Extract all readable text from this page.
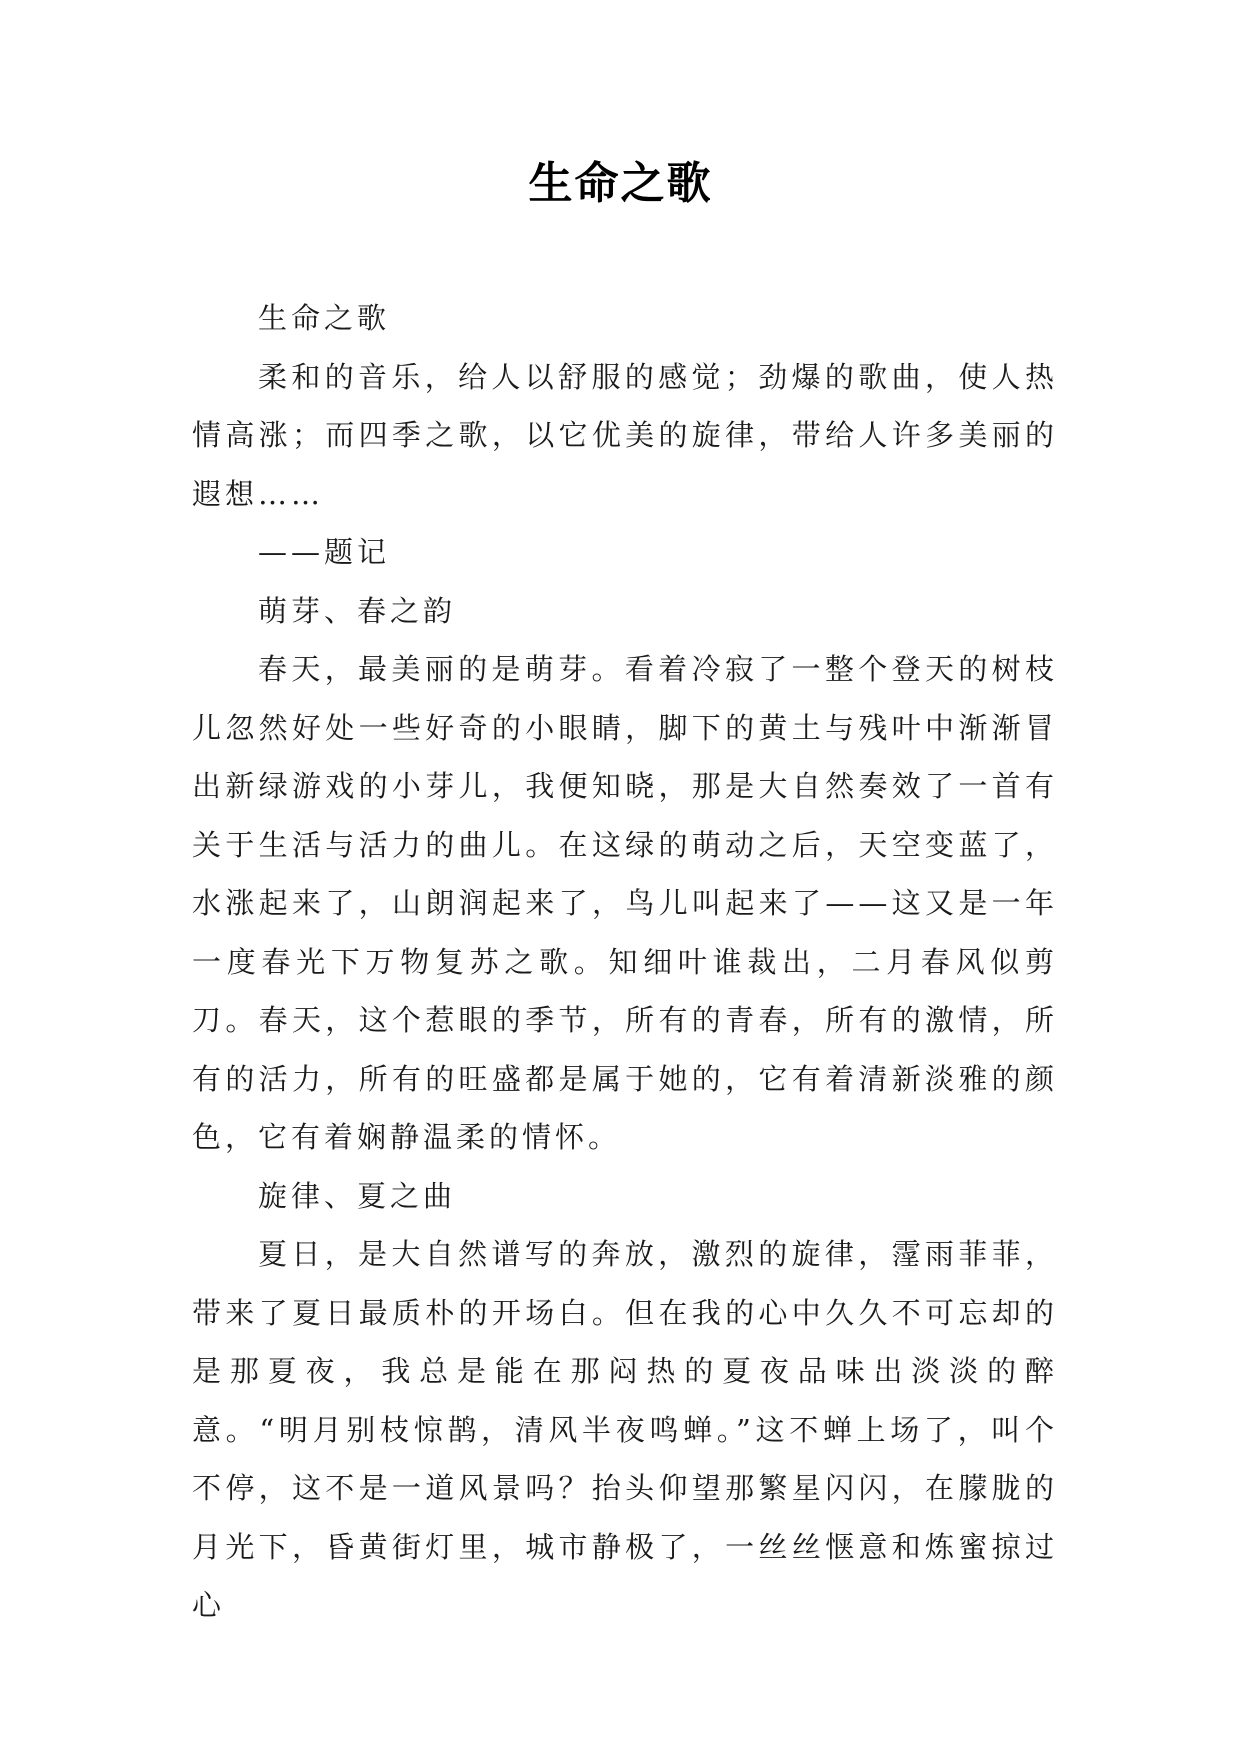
生命之歌

生命之歌

柔和的音乐，给人以舒服的感觉；劲爆的歌曲，使人热情高涨；而四季之歌，以它优美的旋律，带给人许多美丽的遐想……

——题记

萌芽、春之韵

春天，最美丽的是萌芽。看着冷寂了一整个登天的树枝儿忽然好处一些好奇的小眼睛，脚下的黄土与残叶中渐渐冒出新绿游戏的小芽儿，我便知晓，那是大自然奏效了一首有关于生活与活力的曲儿。在这绿的萌动之后，天空变蓝了，水涨起来了，山朗润起来了，鸟儿叫起来了——这又是一年一度春光下万物复苏之歌。知细叶谁裁出，二月春风似剪刀。春天，这个惹眼的季节，所有的青春，所有的激情，所有的活力，所有的旺盛都是属于她的，它有着清新淡雅的颜色，它有着娴静温柔的情怀。

旋律、夏之曲

夏日，是大自然谱写的奔放，激烈的旋律，霪雨菲菲，带来了夏日最质朴的开场白。但在我的心中久久不可忘却的是那夏夜，我总是能在那闷热的夏夜品味出淡淡的醉意。“明月别枝惊鹊，清风半夜鸣蝉。”这不蝉上场了，叫个不停，这不是一道风景吗？抬头仰望那繁星闪闪，在朦胧的月光下，昏黄街灯里，城市静极了，一丝丝惬意和炼蜜掠过心
